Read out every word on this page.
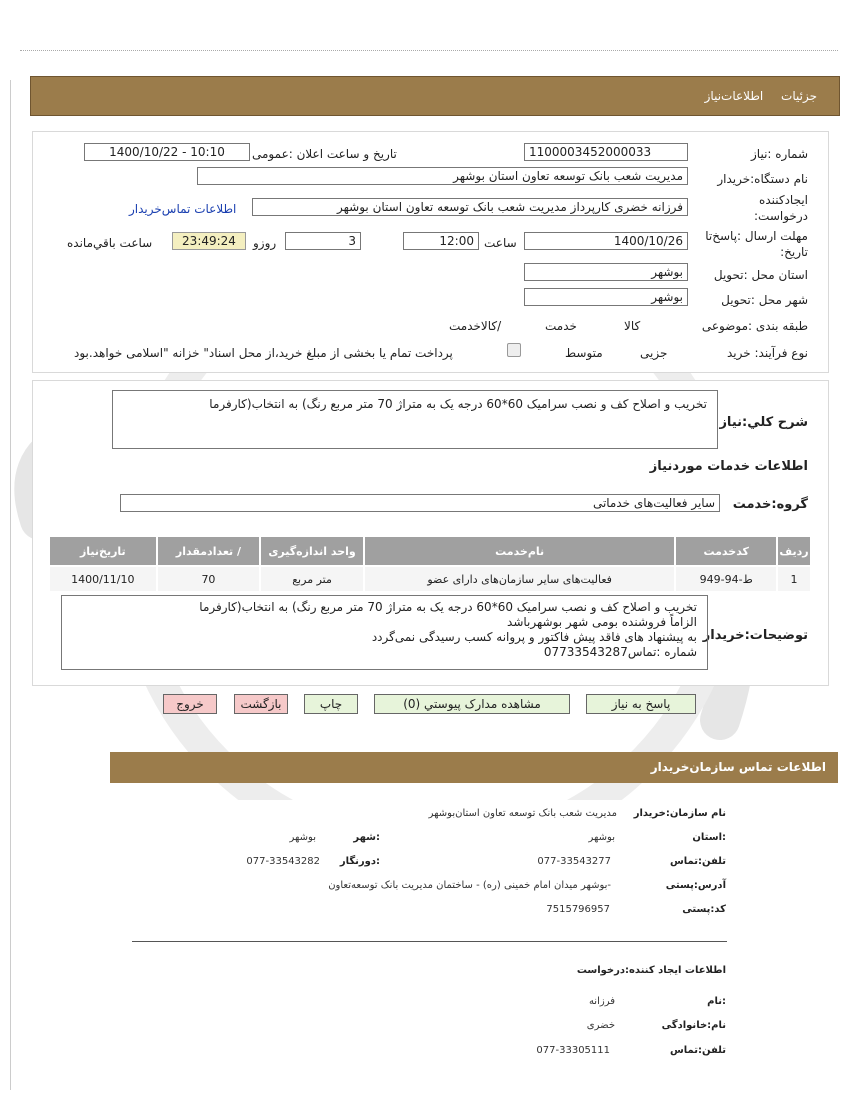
جزئیات اطلاعات‌نیاز
شماره :نیاز
1100003452000033
تاریخ و ساعت اعلان :عمومی
1400/10/22 - 10:10
نام دستگاه:خریدار
مدیریت شعب بانک توسعه تعاون استان بوشهر
ایجادکننده
درخواست:
فرزانه خضری کارپرداز مدیریت شعب بانک توسعه تعاون استان بوشهر
اطلاعات تماس‌خریدار
مهلت ارسال :پاسخ‌تا
تاریخ:
1400/10/26
ساعت
12:00
3
روزو
23:49:24
ساعت باقي‌مانده
استان محل :تحویل
بوشهر
شهر محل :تحویل
بوشهر
طبقه بندی :موضوعی

کالا

خدمت

/کالاخدمت
نوع فرآیند: خرید

جزیی
متوسط
پرداخت تمام یا بخشی از مبلغ خرید،از محل اسناد" خزانه "اسلامی خواهد.بود
شرح کلي:نیاز
تخریب و اصلاح کف و نصب سرامیک 60*60 درجه یک به متراژ 70 متر مربع رنگ) به انتخاب(کارفرما
اطلاعات خدمات موردنیاز
گروه:خدمت
سایر فعالیت‌های خدماتی
ردیف	کدخدمت	نام‌خدمت	واحد اندازه‌گیری	/ تعدادمقدار	تاریخ‌نیاز
1	ط-94-949	فعالیت‌های سایر سازمان‌های دارای عضو	متر مربع	70	1400/11/10
توضیحات:خریدار
تخریب و اصلاح کف و نصب سرامیک 60*60 درجه یک به متراژ 70 متر مربع رنگ) به انتخاب(کارفرما
الزاماً فروشنده بومی شهر بوشهر‌باشد
به پیشنهاد های فاقد پیش فاکتور و پروانه کسب رسیدگی نمی‌گردد
شماره :تماس07733543287
پاسخ به نیاز
مشاهده مدارک پیوستي (0)
چاپ
بازگشت
خروج
اطلاعات تماس سازمان‌خریدار
نام سازمان:خریدار
مدیریت شعب بانک توسعه تعاون استان‌بوشهر
:استان
بوشهر
:شهر
بوشهر
تلفن:تماس
077-33543277
:دورنگار
077-33543282
آدرس:پستی
-بوشهر میدان امام خمینی (ره) - ساختمان مدیریت بانک توسعه‌تعاون
کد:پستی
7515796957
اطلاعات ایجاد کننده:درخواست
:نام
فرزانه
نام:خانوادگی
خضری
تلفن:تماس
077-33305111
